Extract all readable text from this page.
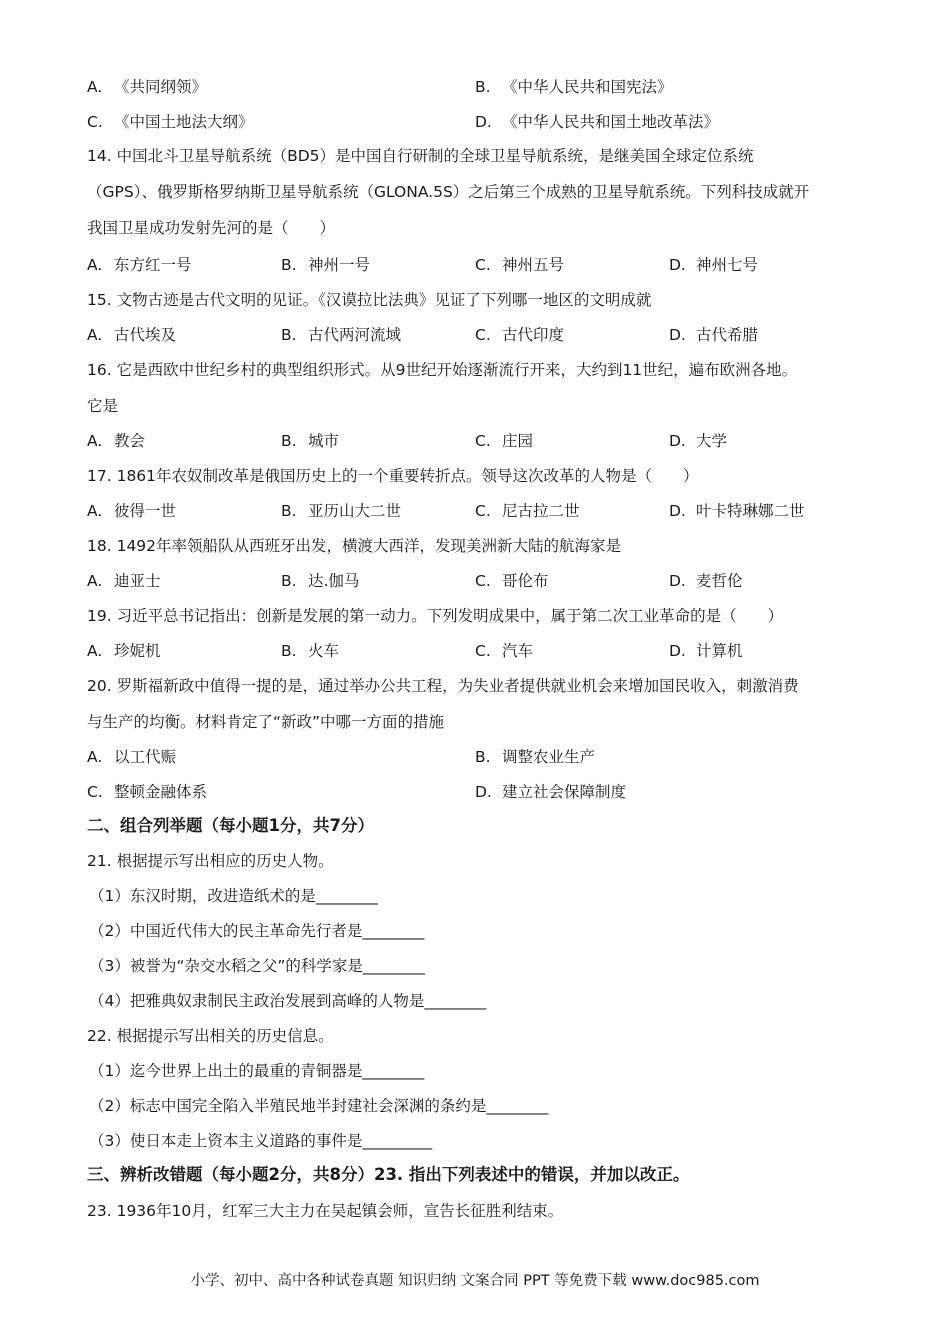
A. 《共同纲领》	B. 《中华人民共和国宪法》
C. 《中国土地法大纲》	D. 《中华人民共和国土地改革法》
14. 中国北斗卫星导航系统（BD5）是中国自行研制的全球卫星导航系统，是继美国全球定位系统
（GPS）、俄罗斯格罗纳斯卫星导航系统（GLONA.5S）之后第三个成熟的卫星导航系统。下列科技成就开
我国卫星成功发射先河的是（　　）
A. 东方红一号	B. 神州一号	C. 神州五号	D. 神州七号
15. 文物古迹是古代文明的见证。《汉谟拉比法典》见证了下列哪一地区的文明成就
A. 古代埃及	B. 古代两河流域	C. 古代印度	D. 古代希腊
16. 它是西欧中世纪乡村的典型组织形式。从9世纪开始逐渐流行开来，大约到11世纪，遍布欧洲各地。
它是
A. 教会	B. 城市	C. 庄园	D. 大学
17. 1861年农奴制改革是俄国历史上的一个重要转折点。领导这次改革的人物是（　　）
A. 彼得一世	B. 亚历山大二世	C. 尼古拉二世	D. 叶卡特琳娜二世
18. 1492年率领船队从西班牙出发，横渡大西洋，发现美洲新大陆的航海家是
A. 迪亚士	B. 达.伽马	C. 哥伦布	D. 麦哲伦
19. 习近平总书记指出：创新是发展的第一动力。下列发明成果中，属于第二次工业革命的是（　　）
A. 珍妮机	B. 火车	C. 汽车	D. 计算机
20. 罗斯福新政中值得一提的是，通过举办公共工程，为失业者提供就业机会来增加国民收入，刺激消费
与生产的均衡。材料肯定了“新政”中哪一方面的措施
A. 以工代赈	B. 调整农业生产
C. 整顿金融体系	D. 建立社会保障制度
二、组合列举题（每小题1分，共7分）
21. 根据提示写出相应的历史人物。
（1）东汉时期，改进造纸术的是________
（2）中国近代伟大的民主革命先行者是________
（3）被誉为“杂交水稻之父”的科学家是________
（4）把雅典奴隶制民主政治发展到高峰的人物是________
22. 根据提示写出相关的历史信息。
（1）迄今世界上出土的最重的青铜器是________
（2）标志中国完全陷入半殖民地半封建社会深渊的条约是________
（3）使日本走上资本主义道路的事件是_________
三、辨析改错题（每小题2分，共8分）23. 指出下列表述中的错误，并加以改正。
23. 1936年10月，红军三大主力在吴起镇会师，宣告长征胜利结束。
小学、初中、高中各种试卷真题 知识归纳 文案合同 PPT 等免费下载 www.doc985.com
